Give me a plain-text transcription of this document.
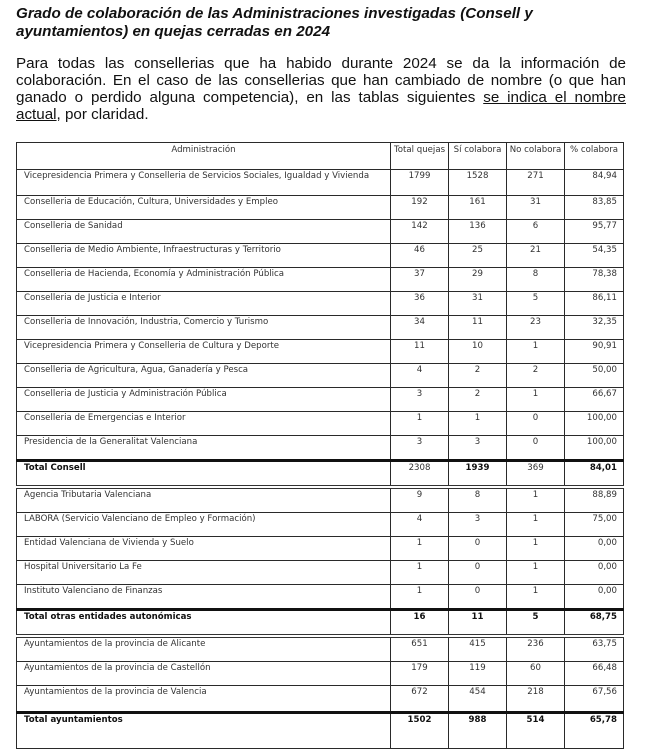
Grado de colaboración de las Administraciones investigadas (Consell y ayuntamientos) en quejas cerradas en 2024
Para todas las consellerias que ha habido durante 2024 se da la información de colaboración. En el caso de las consellerias que han cambiado de nombre (o que han ganado o perdido alguna competencia), en las tablas siguientes se indica el nombre actual, por claridad.
Administración	Total quejas	Sí colabora	No colabora	% colabora
Vicepresidencia Primera y Conselleria de Servicios Sociales, Igualdad y Vivienda	1799	1528	271	84,94
Conselleria de Educación, Cultura, Universidades y Empleo	192	161	31	83,85
Conselleria de Sanidad	142	136	6	95,77
Conselleria de Medio Ambiente, Infraestructuras y Territorio	46	25	21	54,35
Conselleria de Hacienda, Economía y Administración Pública	37	29	8	78,38
Conselleria de Justicia e Interior	36	31	5	86,11
Conselleria de Innovación, Industria, Comercio y Turismo	34	11	23	32,35
Vicepresidencia Primera y Conselleria de Cultura y Deporte	11	10	1	90,91
Conselleria de Agricultura, Agua, Ganadería y Pesca	4	2	2	50,00
Conselleria de Justicia y Administración Pública	3	2	1	66,67
Conselleria de Emergencias e Interior	1	1	0	100,00
Presidencia de la Generalitat Valenciana	3	3	0	100,00
Total Consell	2308	1939	369	84,01
Agencia Tributaria Valenciana	9	8	1	88,89
LABORA (Servicio Valenciano de Empleo y Formación)	4	3	1	75,00
Entidad Valenciana de Vivienda y Suelo	1	0	1	0,00
Hospital Universitario La Fe	1	0	1	0,00
Instituto Valenciano de Finanzas	1	0	1	0,00
Total otras entidades autonómicas	16	11	5	68,75
Ayuntamientos de la provincia de Alicante	651	415	236	63,75
Ayuntamientos de la provincia de Castellón	179	119	60	66,48
Ayuntamientos de la provincia de Valencia	672	454	218	67,56
Total ayuntamientos	1502	988	514	65,78
